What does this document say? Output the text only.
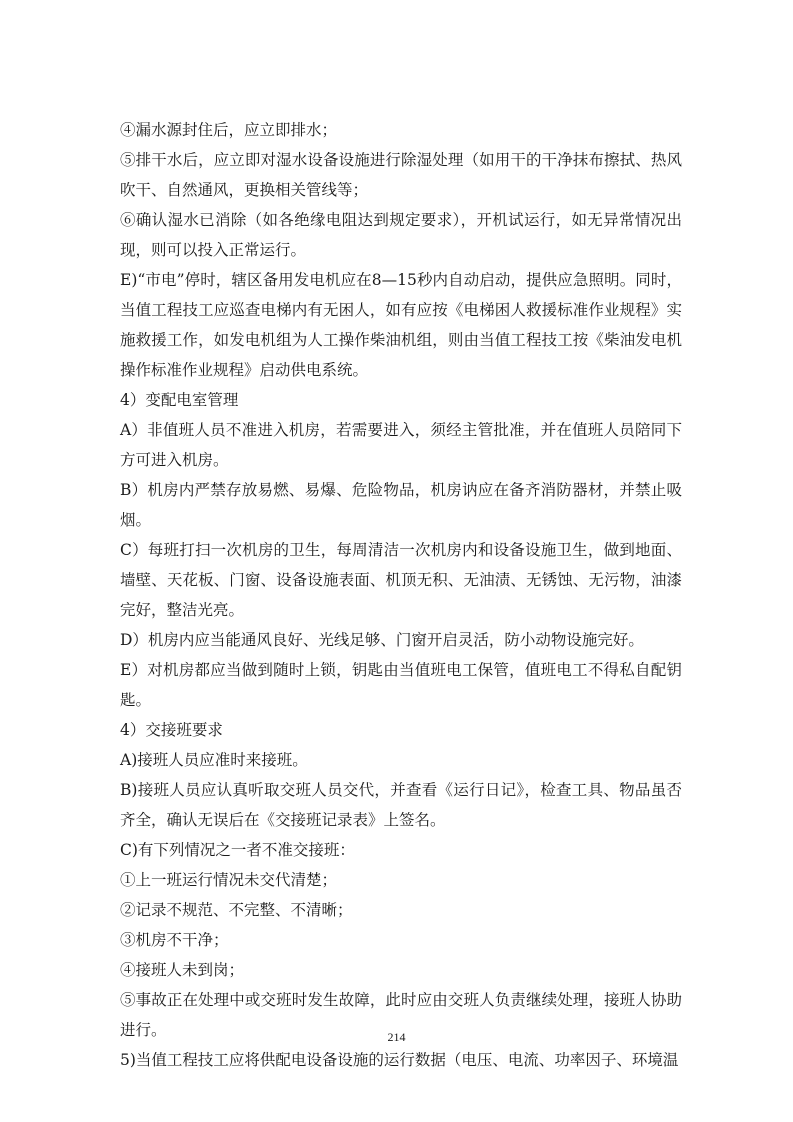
④漏水源封住后，应立即排水；

⑤排干水后，应立即对湿水设备设施进行除湿处理（如用干的干净抹布擦拭、热风吹干、自然通风，更换相关管线等；

⑥确认湿水已消除（如各绝缘电阻达到规定要求），开机试运行，如无异常情况出现，则可以投入正常运行。

E)“市电”停时，辖区备用发电机应在8—15秒内自动启动，提供应急照明。同时，当值工程技工应巡查电梯内有无困人，如有应按《电梯困人救援标准作业规程》实施救援工作，如发电机组为人工操作柴油机组，则由当值工程技工按《柴油发电机操作标准作业规程》启动供电系统。

4）变配电室管理

A）非值班人员不准进入机房，若需要进入，须经主管批准，并在值班人员陪同下方可进入机房。

B）机房内严禁存放易燃、易爆、危险物品，机房讷应在备齐消防器材，并禁止吸烟。

C）每班打扫一次机房的卫生，每周清洁一次机房内和设备设施卫生，做到地面、墙壁、天花板、门窗、设备设施表面、机顶无积、无油渍、无锈蚀、无污物，油漆完好，整洁光亮。

D）机房内应当能通风良好、光线足够、门窗开启灵活，防小动物设施完好。

E）对机房都应当做到随时上锁，钥匙由当值班电工保管，值班电工不得私自配钥匙。

4）交接班要求

A)接班人员应准时来接班。

B)接班人员应认真听取交班人员交代，并查看《运行日记》，检查工具、物品虽否齐全，确认无误后在《交接班记录表》上签名。

C)有下列情况之一者不准交接班：

①上一班运行情况未交代清楚；

②记录不规范、不完整、不清晰；

③机房不干净；

④接班人未到岗；

⑤事故正在处理中或交班时发生故障，此时应由交班人负责继续处理，接班人协助进行。

5)当值工程技工应将供配电设备设施的运行数据（电压、电流、功率因子、环境温

214
